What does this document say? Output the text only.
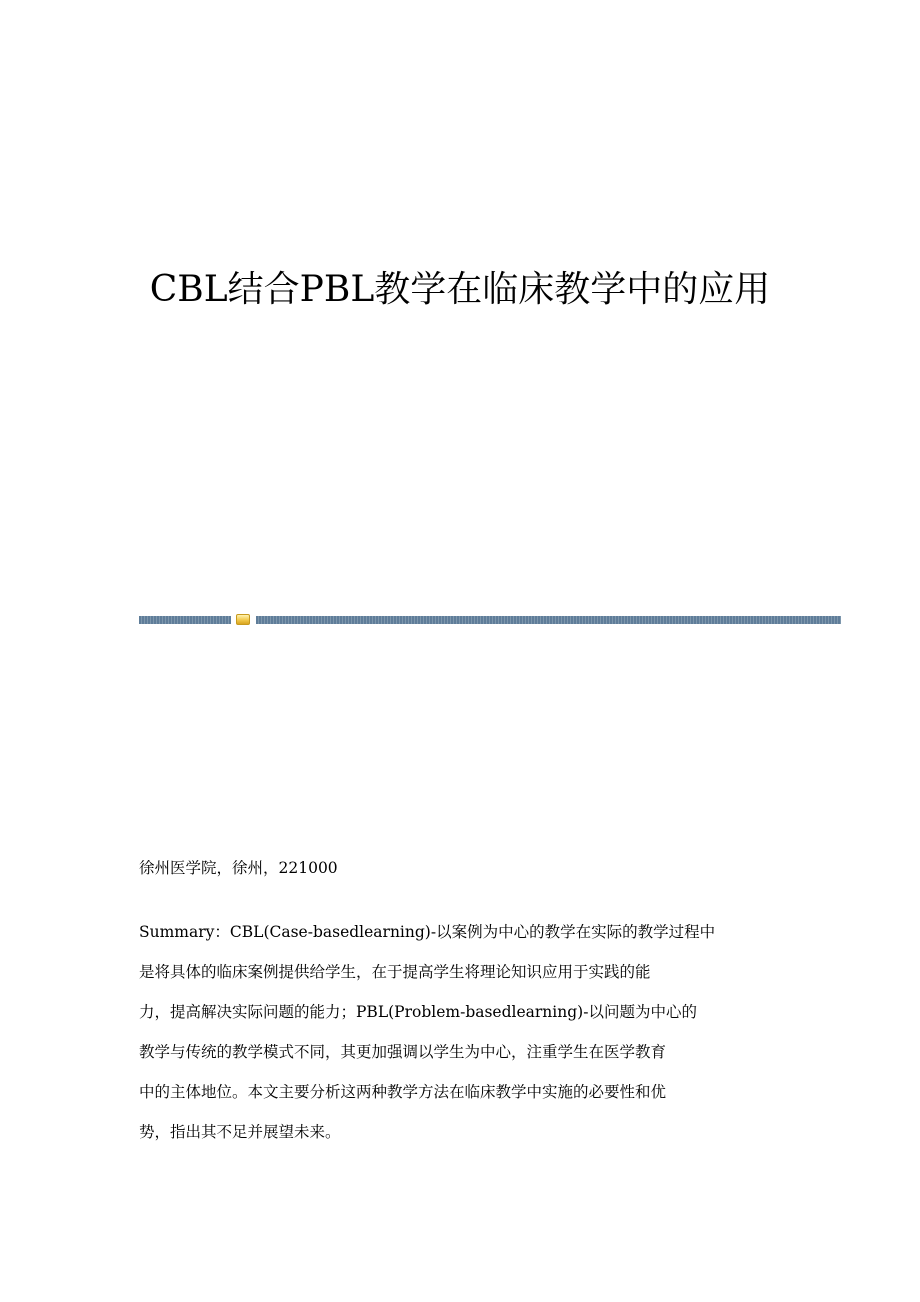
CBL结合PBL教学在临床教学中的应用

徐州医学院，徐州，221000

Summary：CBL(Case-basedlearning)-以案例为中心的教学在实际的教学过程中
是将具体的临床案例提供给学生，在于提高学生将理论知识应用于实践的能
力，提高解决实际问题的能力；PBL(Problem-basedlearning)-以问题为中心的
教学与传统的教学模式不同，其更加强调以学生为中心，注重学生在医学教育
中的主体地位。本文主要分析这两种教学方法在临床教学中实施的必要性和优
势，指出其不足并展望未来。
